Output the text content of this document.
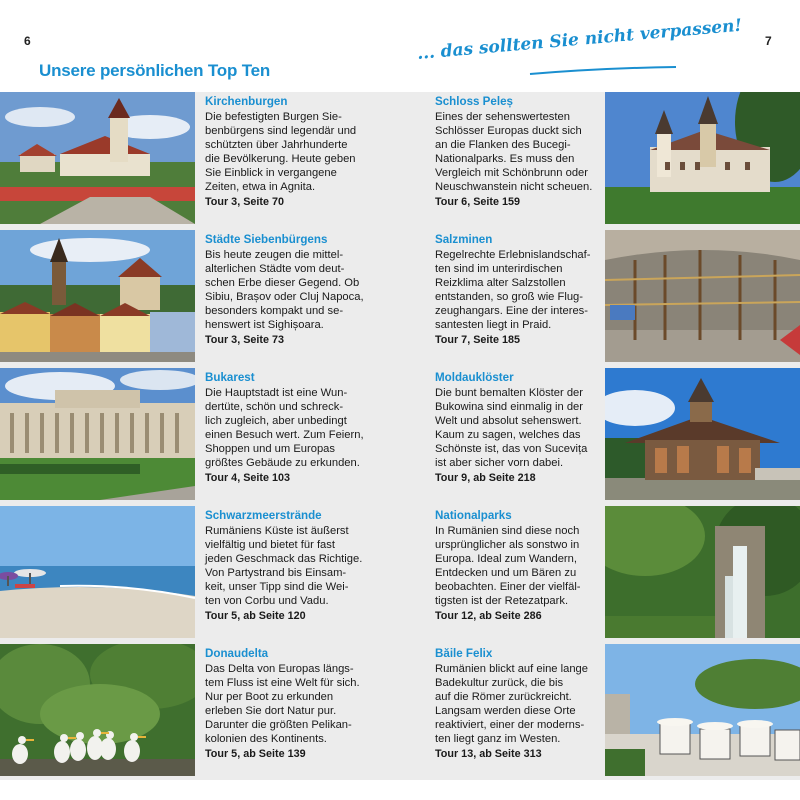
6	7
Unsere persönlichen Top Ten
... das sollten Sie nicht verpassen!
Kirchenburgen

Die befestigten Burgen Sie-
benbürgens sind legendär und
schützten über Jahrhunderte
die Bevölkerung. Heute geben
Sie Einblick in vergangene
Zeiten, etwa in Agnita.

Tour 3, Seite 70
Städte Siebenbürgens

Bis heute zeugen die mittel-
alterlichen Städte vom deut-
schen Erbe dieser Gegend. Ob
Sibiu, Brașov oder Cluj Napoca,
besonders kompakt und se-
henswert ist Sighișoara.

Tour 3, Seite 73
Bukarest

Die Hauptstadt ist eine Wun-
dertüte, schön und schreck-
lich zugleich, aber unbedingt
einen Besuch wert. Zum Feiern,
Shoppen und um Europas
größtes Gebäude zu erkunden.

Tour 4, Seite 103
Schwarzmeerstrände

Rumäniens Küste ist äußerst
vielfältig und bietet für fast
jeden Geschmack das Richtige.
Von Partystrand bis Einsam-
keit, unser Tipp sind die Wei-
ten von Corbu und Vadu.

Tour 5, ab Seite 120
Donaudelta

Das Delta von Europas längs-
tem Fluss ist eine Welt für sich.
Nur per Boot zu erkunden
erleben Sie dort Natur pur.
Darunter die größten Pelikan-
kolonien des Kontinents.

Tour 5, ab Seite 139
Schloss Peleș

Eines der sehenswertesten
Schlösser Europas duckt sich
an die Flanken des Bucegi-
Nationalparks. Es muss den
Vergleich mit Schönbrunn oder
Neuschwanstein nicht scheuen.

Tour 6, Seite 159
Salzminen

Regelrechte Erlebnislandschaf-
ten sind im unterirdischen
Reizklima alter Salzstollen
entstanden, so groß wie Flug-
zeughangars. Eine der interes-
santesten liegt in Praid.

Tour 7, Seite 185
Moldauklöster

Die bunt bemalten Klöster der
Bukowina sind einmalig in der
Welt und absolut sehenswert.
Kaum zu sagen, welches das
Schönste ist, das von Sucevița
ist aber sicher vorn dabei.

Tour 9, ab Seite 218
Nationalparks

In Rumänien sind diese noch
ursprünglicher als sonstwo in
Europa. Ideal zum Wandern,
Entdecken und um Bären zu
beobachten. Einer der vielfäl-
tigsten ist der Retezatpark.

Tour 12, ab Seite 286
Băile Felix

Rumänien blickt auf eine lange
Badekultur zurück, die bis
auf die Römer zurückreicht.
Langsam werden diese Orte
reaktiviert, einer der moderns-
ten liegt ganz im Westen.

Tour 13, ab Seite 313
